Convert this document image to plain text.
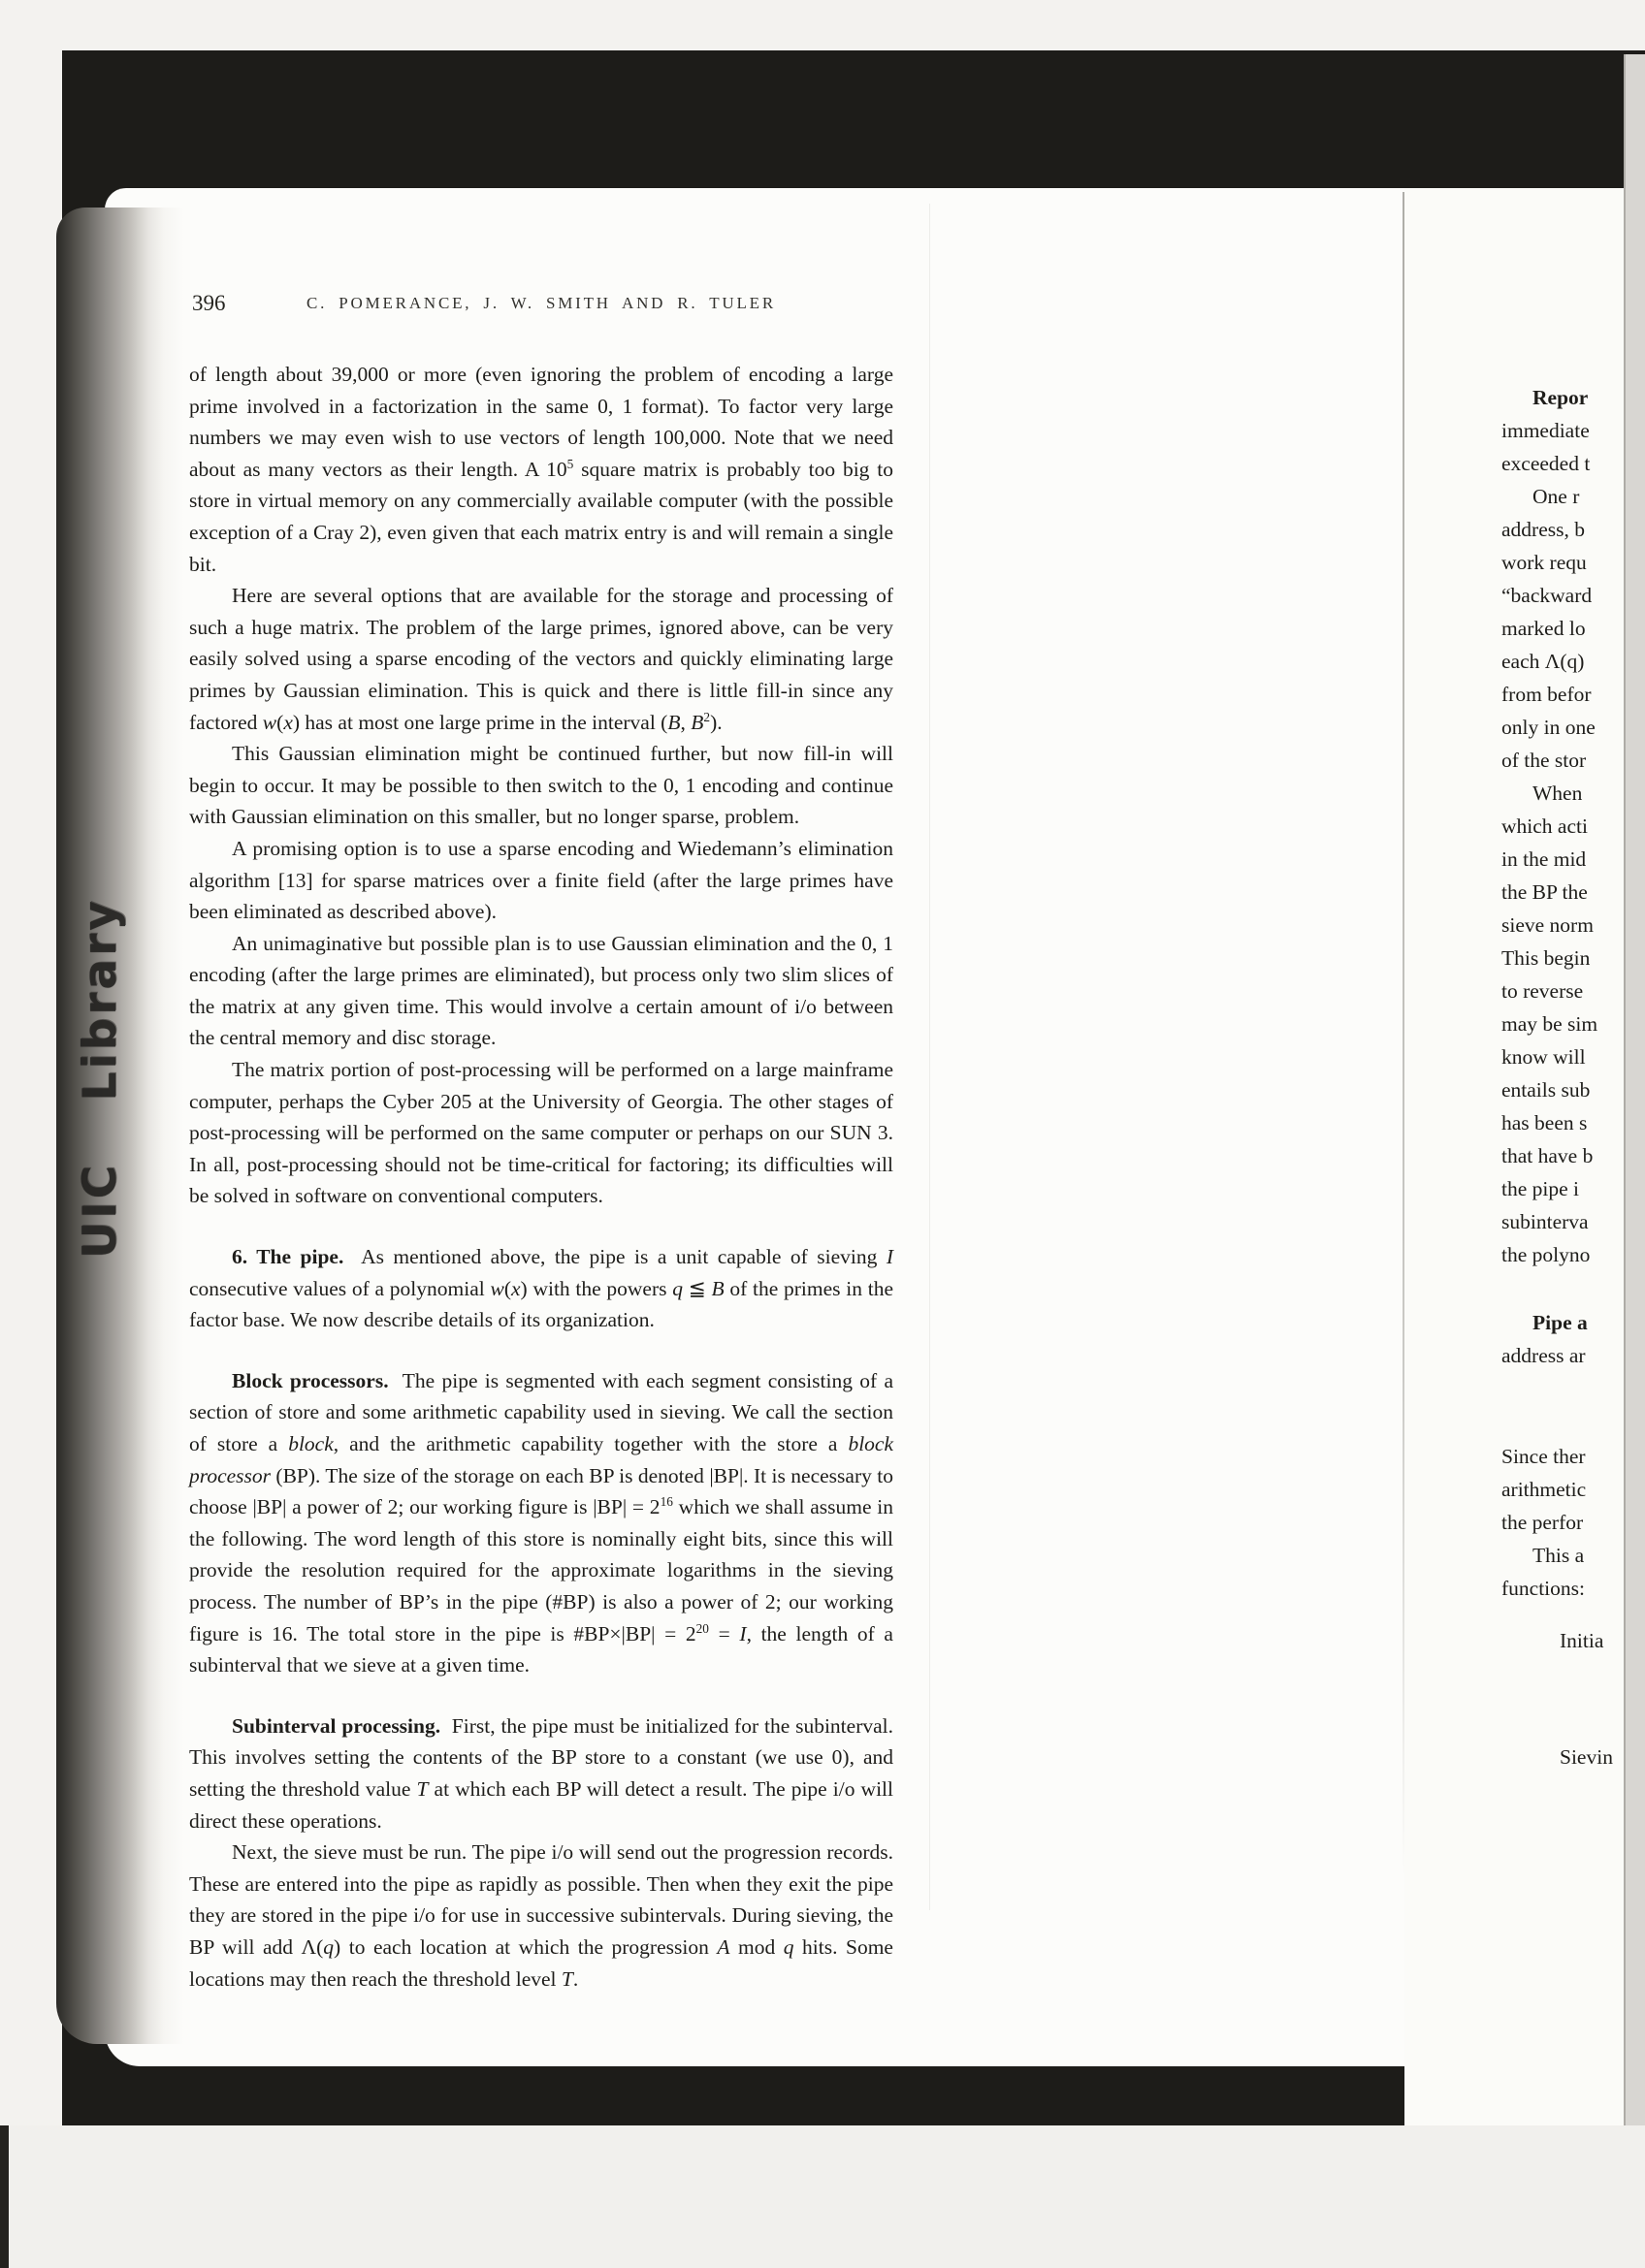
396	C. POMERANCE, J. W. SMITH AND R. TULER

of length about 39,000 or more (even ignoring the problem of encoding a large prime involved in a factorization in the same 0, 1 format). To factor very large numbers we may even wish to use vectors of length 100,000. Note that we need about as many vectors as their length. A $10^5$ square matrix is probably too big to store in virtual memory on any commercially available computer (with the possible exception of a Cray 2), even given that each matrix entry is and will remain a single bit.

Here are several options that are available for the storage and processing of such a huge matrix. The problem of the large primes, ignored above, can be very easily solved using a sparse encoding of the vectors and quickly eliminating large primes by Gaussian elimination. This is quick and there is little fill-in since any factored w(x) has at most one large prime in the interval (B, $B^2$).

This Gaussian elimination might be continued further, but now fill-in will begin to occur. It may be possible to then switch to the 0, 1 encoding and continue with Gaussian elimination on this smaller, but no longer sparse, problem.

A promising option is to use a sparse encoding and Wiedemann’s elimination algorithm [13] for sparse matrices over a finite field (after the large primes have been eliminated as described above).

An unimaginative but possible plan is to use Gaussian elimination and the 0, 1 encoding (after the large primes are eliminated), but process only two slim slices of the matrix at any given time. This would involve a certain amount of i/o between the central memory and disc storage.

The matrix portion of post-processing will be performed on a large mainframe computer, perhaps the Cyber 205 at the University of Georgia. The other stages of post-processing will be performed on the same computer or perhaps on our SUN 3. In all, post-processing should not be time-critical for factoring; its difficulties will be solved in software on conventional computers.

6. The pipe.  As mentioned above, the pipe is a unit capable of sieving I consecutive values of a polynomial w(x) with the powers q ≦ B of the primes in the factor base. We now describe details of its organization.

Block processors.  The pipe is segmented with each segment consisting of a section of store and some arithmetic capability used in sieving. We call the section of store a block, and the arithmetic capability together with the store a block processor (BP). The size of the storage on each BP is denoted |BP|. It is necessary to choose |BP| a power of 2; our working figure is $|BP| = 2^{16}$ which we shall assume in the following. The word length of this store is nominally eight bits, since this will provide the resolution required for the approximate logarithms in the sieving process. The number of BP’s in the pipe (#BP) is also a power of 2; our working figure is 16. The total store in the pipe is #BP×|BP| = $2^{20} = I$, the length of a subinterval that we sieve at a given time.

Subinterval processing.  First, the pipe must be initialized for the subinterval. This involves setting the contents of the BP store to a constant (we use 0), and setting the threshold value T at which each BP will detect a result. The pipe i/o will direct these operations.

Next, the sieve must be run. The pipe i/o will send out the progression records. These are entered into the pipe as rapidly as possible. Then when they exit the pipe they are stored in the pipe i/o for use in successive subintervals. During sieving, the BP will add Λ(q) to each location at which the progression A mod q hits. Some locations may then reach the threshold level T.

UIC Library
Repor
immediate
exceeded t
One r
address, b
work requ
“backward
marked lo
each Λ(q)
from befor
only in one
of the stor
When
which acti
in the mid
the BP the
sieve norm
This begin
to reverse
may be sim
know will
entails sub
has been s
that have b
the pipe i
subinterva
the polyno
Pipe a
address ar
Since ther
arithmetic
the perfor
This a
functions:
Initia
Sievin
